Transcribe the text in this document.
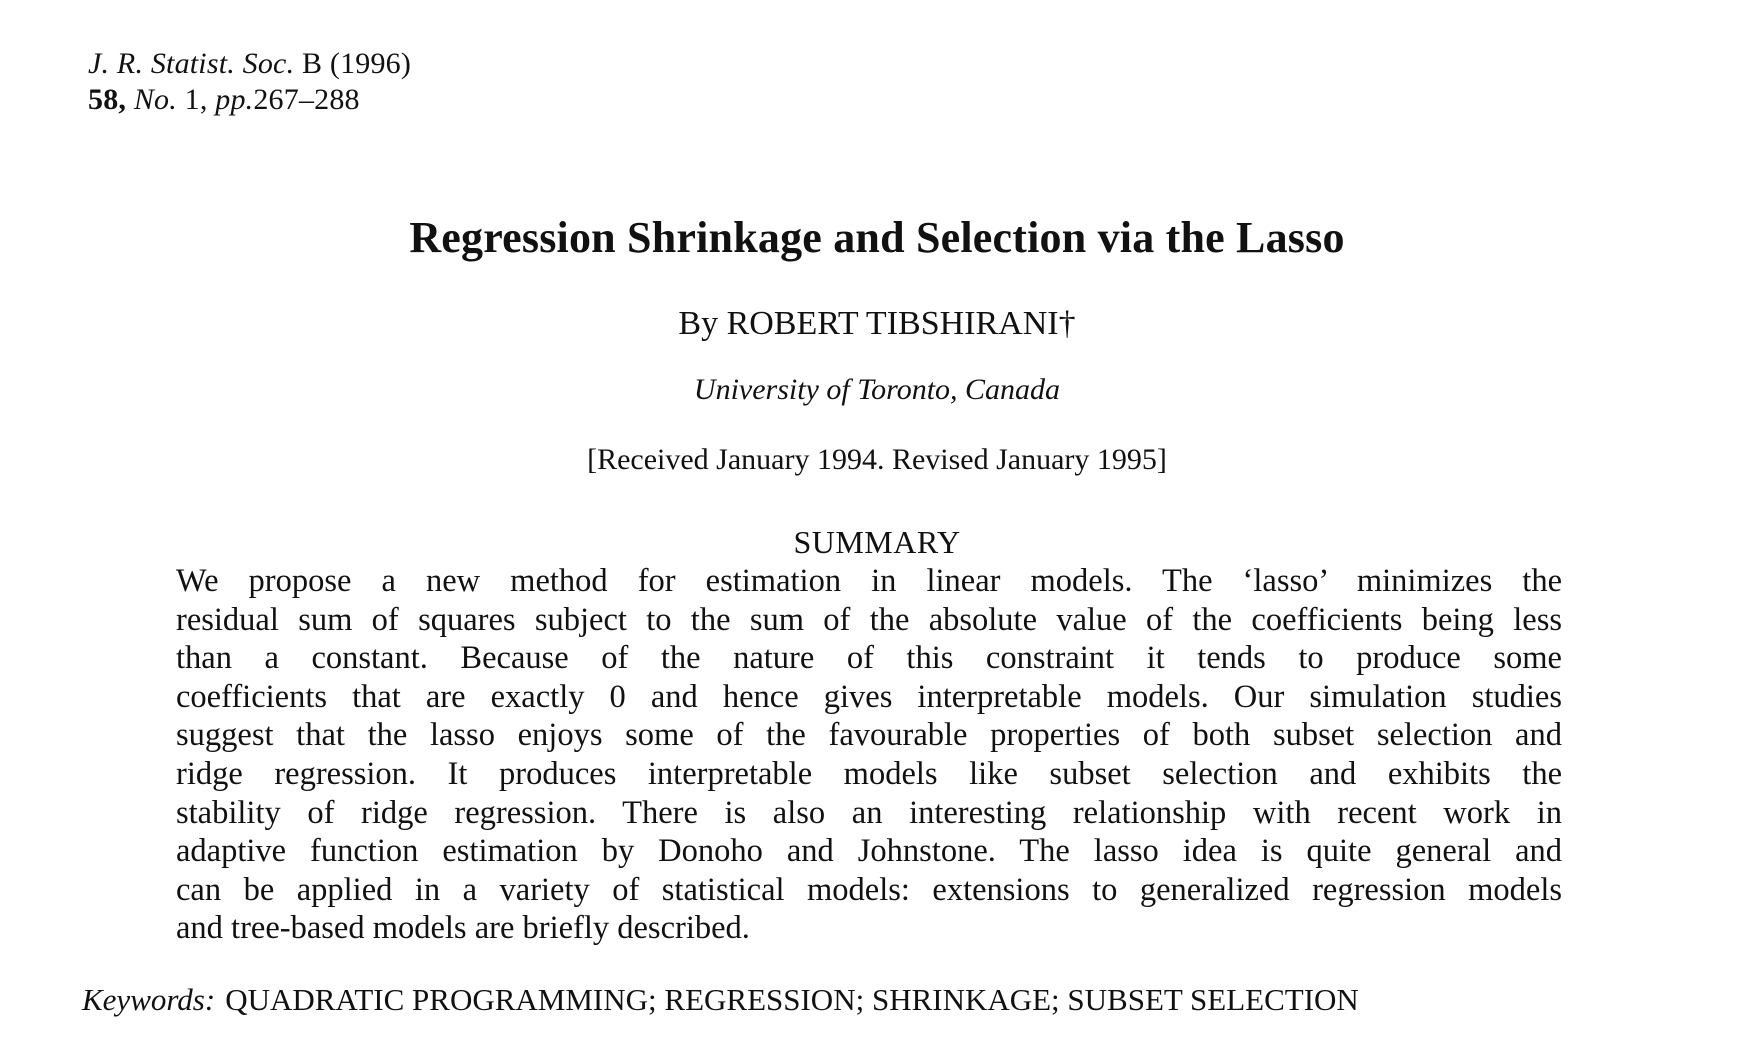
J. R. Statist. Soc. B (1996)
58, No. 1, pp.267–288
Regression Shrinkage and Selection via the Lasso
By ROBERT TIBSHIRANI†
University of Toronto, Canada
[Received January 1994. Revised January 1995]
SUMMARY
We propose a new method for estimation in linear models. The ‘lasso’ minimizes the
residual sum of squares subject to the sum of the absolute value of the coefficients being less
than a constant. Because of the nature of this constraint it tends to produce some
coefficients that are exactly 0 and hence gives interpretable models. Our simulation studies
suggest that the lasso enjoys some of the favourable properties of both subset selection and
ridge regression. It produces interpretable models like subset selection and exhibits the
stability of ridge regression. There is also an interesting relationship with recent work in
adaptive function estimation by Donoho and Johnstone. The lasso idea is quite general and
can be applied in a variety of statistical models: extensions to generalized regression models
and tree-based models are briefly described.
Keywords: QUADRATIC PROGRAMMING; REGRESSION; SHRINKAGE; SUBSET SELECTION
